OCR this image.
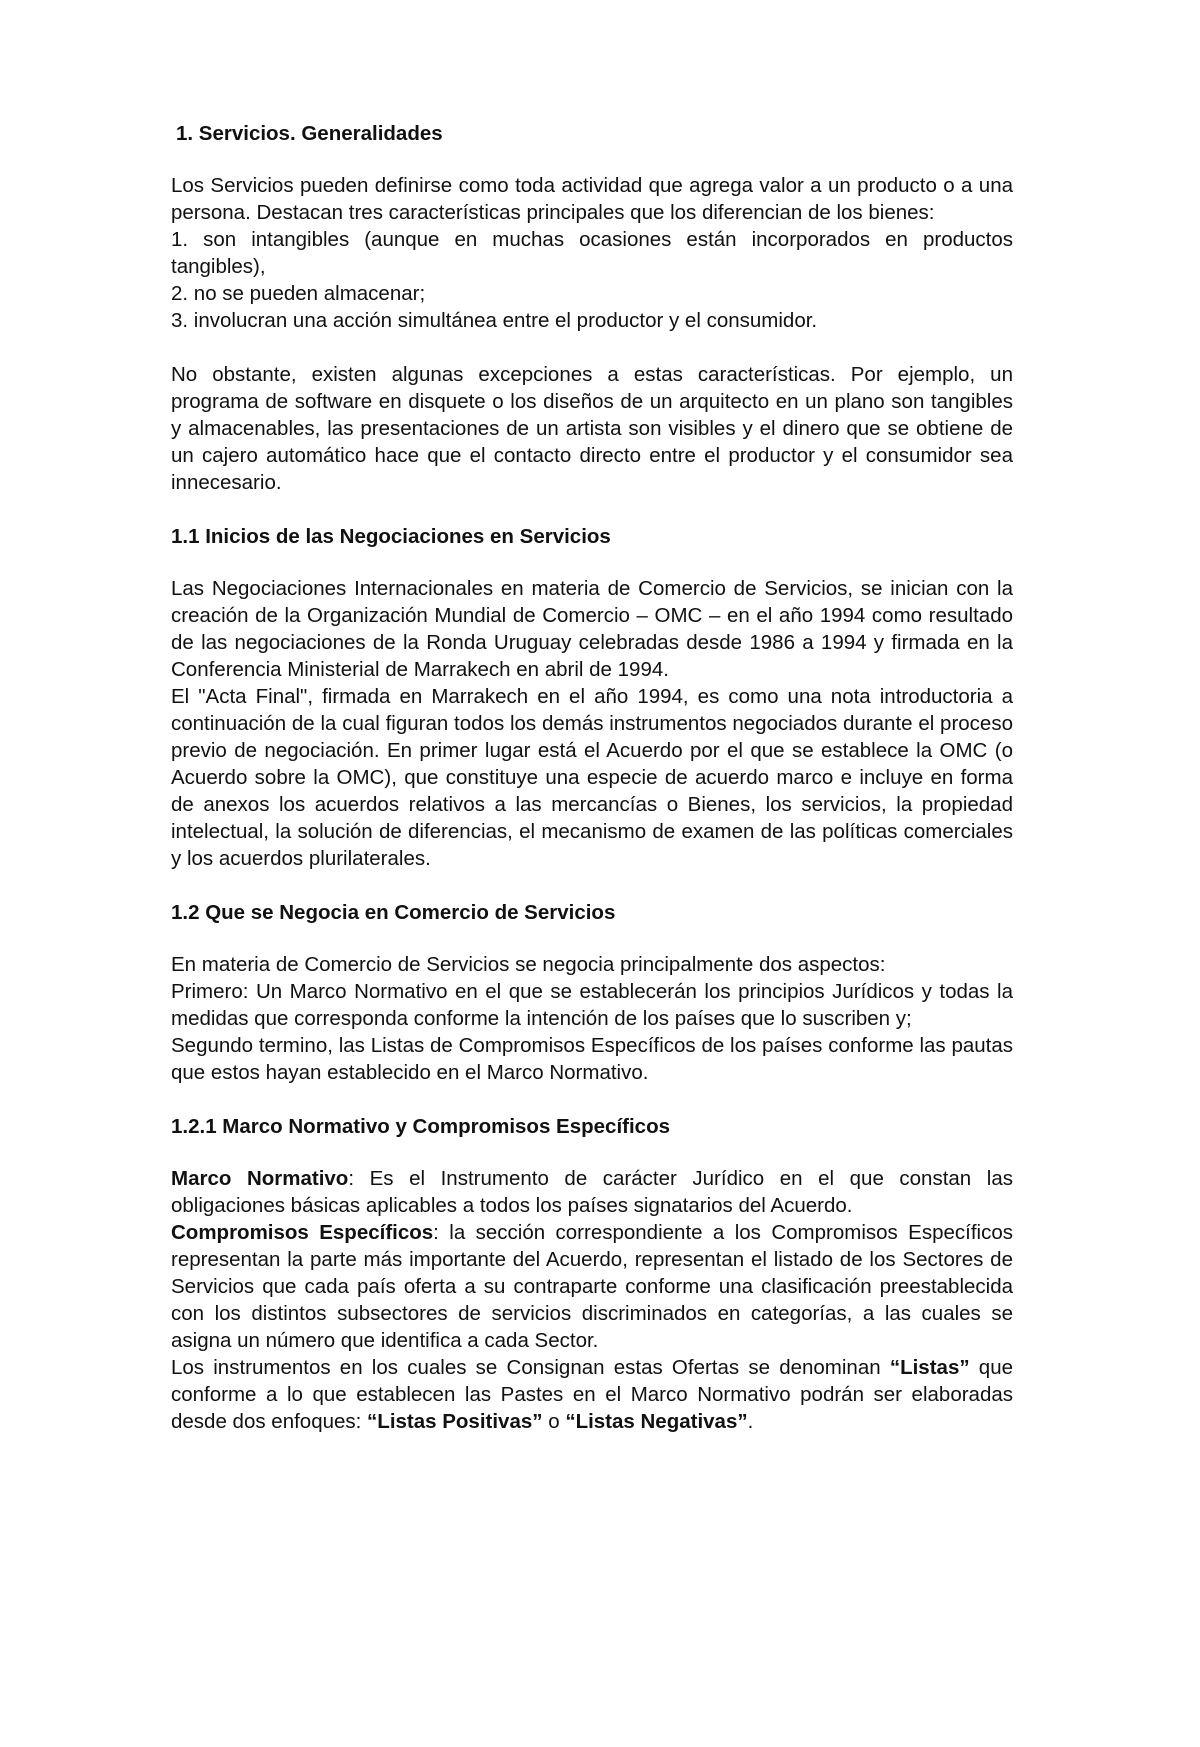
1. Servicios. Generalidades

Los Servicios pueden definirse como toda actividad que agrega valor a un producto o a una persona. Destacan tres características principales que los diferencian de los bienes:

1. son intangibles (aunque en muchas ocasiones están incorporados en productos tangibles),

2. no se pueden almacenar;

3. involucran una acción simultánea entre el productor y el consumidor.

No obstante, existen algunas excepciones a estas características. Por ejemplo, un programa de software en disquete o los diseños de un arquitecto en un plano son tangibles y almacenables, las presentaciones de un artista son visibles y el dinero que se obtiene de un cajero automático hace que el contacto directo entre el productor y el consumidor sea innecesario.

1.1 Inicios de las Negociaciones en Servicios

Las Negociaciones Internacionales en materia de Comercio de Servicios, se inician con la creación de la Organización Mundial de Comercio – OMC – en el año 1994 como resultado de las negociaciones de la Ronda Uruguay celebradas desde 1986 a 1994 y firmada en la Conferencia Ministerial de Marrakech en abril de 1994.

El "Acta Final", firmada en Marrakech en el año 1994, es como una nota introductoria a continuación de la cual figuran todos los demás instrumentos negociados durante el proceso previo de negociación. En primer lugar está el Acuerdo por el que se establece la OMC (o Acuerdo sobre la OMC), que constituye una especie de acuerdo marco e incluye en forma de anexos los acuerdos relativos a las mercancías o Bienes, los servicios, la propiedad intelectual, la solución de diferencias, el mecanismo de examen de las políticas comerciales y los acuerdos plurilaterales.

1.2 Que se Negocia en Comercio de Servicios

En materia de Comercio de Servicios se negocia principalmente dos aspectos:

Primero: Un Marco Normativo en el que se establecerán los principios Jurídicos y todas la medidas que corresponda conforme la intención de los países que lo suscriben y;

Segundo termino, las Listas de Compromisos Específicos de los países conforme las pautas que estos hayan establecido en el Marco Normativo.

1.2.1 Marco Normativo y Compromisos Específicos

Marco Normativo: Es el Instrumento de carácter Jurídico en el que constan las obligaciones básicas aplicables a todos los países signatarios del Acuerdo.

Compromisos Específicos: la sección correspondiente a los Compromisos Específicos representan la parte más importante del Acuerdo, representan el listado de los Sectores de Servicios que cada país oferta a su contraparte conforme una clasificación preestablecida con los distintos subsectores de servicios discriminados en categorías, a las cuales se asigna un número que identifica a cada Sector.

Los instrumentos en los cuales se Consignan estas Ofertas se denominan “Listas” que conforme a lo que establecen las Pastes en el Marco Normativo podrán ser elaboradas desde dos enfoques: “Listas Positivas” o “Listas Negativas”.
